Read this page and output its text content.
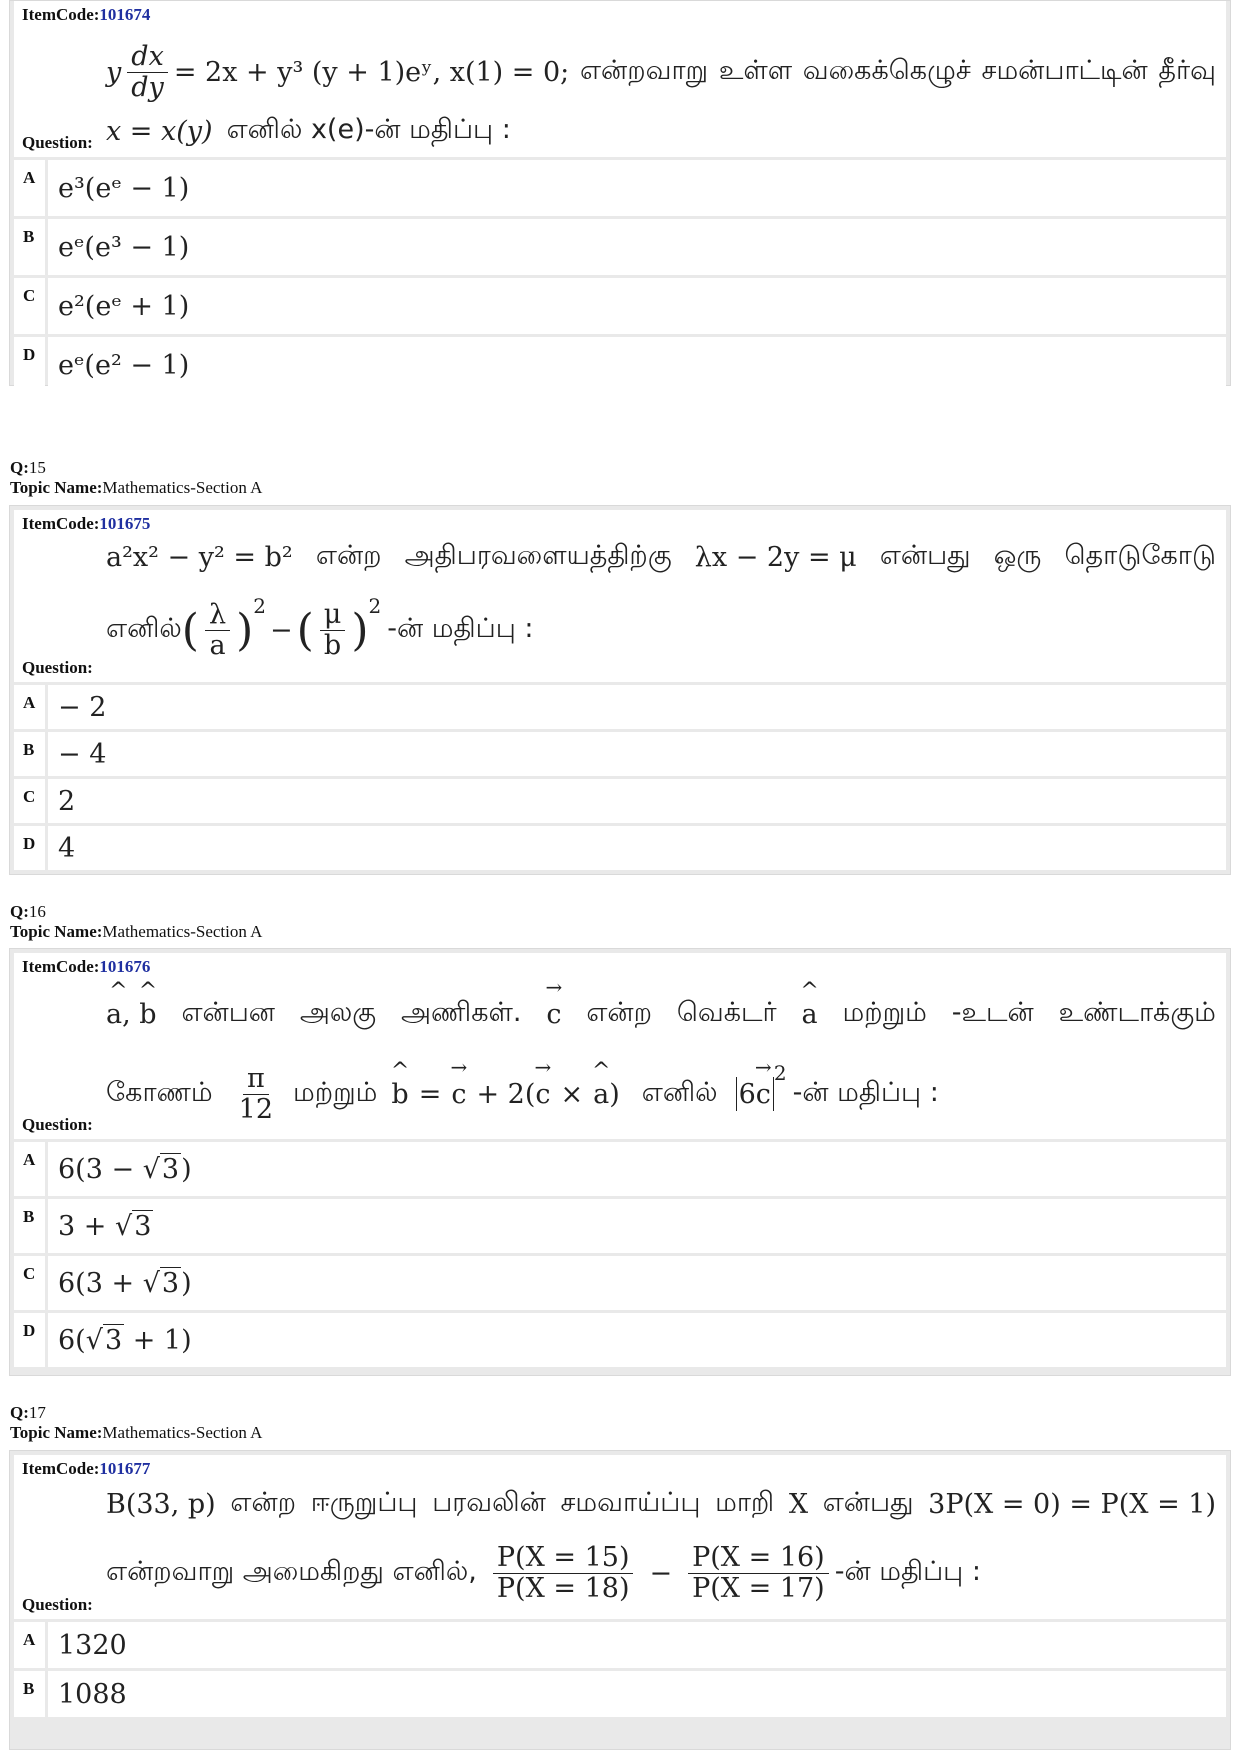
ItemCode:101674
y $\frac{dx}{dy} = 2x + y^3$ (y + 1)eʸ, x(1) = 0; என்றவாறு உள்ள வகைக்கெழுச் சமன்பாட்டின் தீர்வு
x = x(y) எனில் x(e)-ன் மதிப்பு :
Question:
A e³(eᵉ − 1)
B eᵉ(e³ − 1)
C e²(eᵉ + 1)
D eᵉ(e² − 1)
Q:15
Topic Name:Mathematics-Section A
ItemCode:101675
a²x² − y² = b² என்ற அதிபரவளையத்திற்கு λx − 2y = μ என்பது ஒரு தொடுகோடு
எனில் ( $\frac{\lambda}{a} )^2$
− ( $\frac{\mu}{b} )^2$
-ன் மதிப்பு :
Question:
A − 2
B − 4
C 2
D 4
Q:16
Topic Name:Mathematics-Section A
ItemCode:101676
^ a, ^ b என்பன அலகு அணிகள். → c என்ற வெக்டர் ^ a மற்றும் -உடன் உண்டாக்கும்
கோணம் $\frac{\pi}{12}$ மற்றும் ^ b = → c + 2( → c × ^ a ) எனில் 6 → c
$^2$
-ன் மதிப்பு :
Question:
A 6(3 −
√3 )
B 3 +
√3
C 6(3 +
√3 )
D 6( √3
+ 1)
Q:17
Topic Name:Mathematics-Section A
ItemCode:101677
B(33, p) என்ற ஈருறுப்பு பரவலின் சமவாய்ப்பு மாறி X என்பது 3P(X = 0) = P(X = 1)
என்றவாறு அமைகிறது எனில், $\frac{P(X = 15)}{P(X = 18)} - \frac{P(X = 16)}{P(X = 17)}$ -ன் மதிப்பு :
Question:
A 1320
B 1088
